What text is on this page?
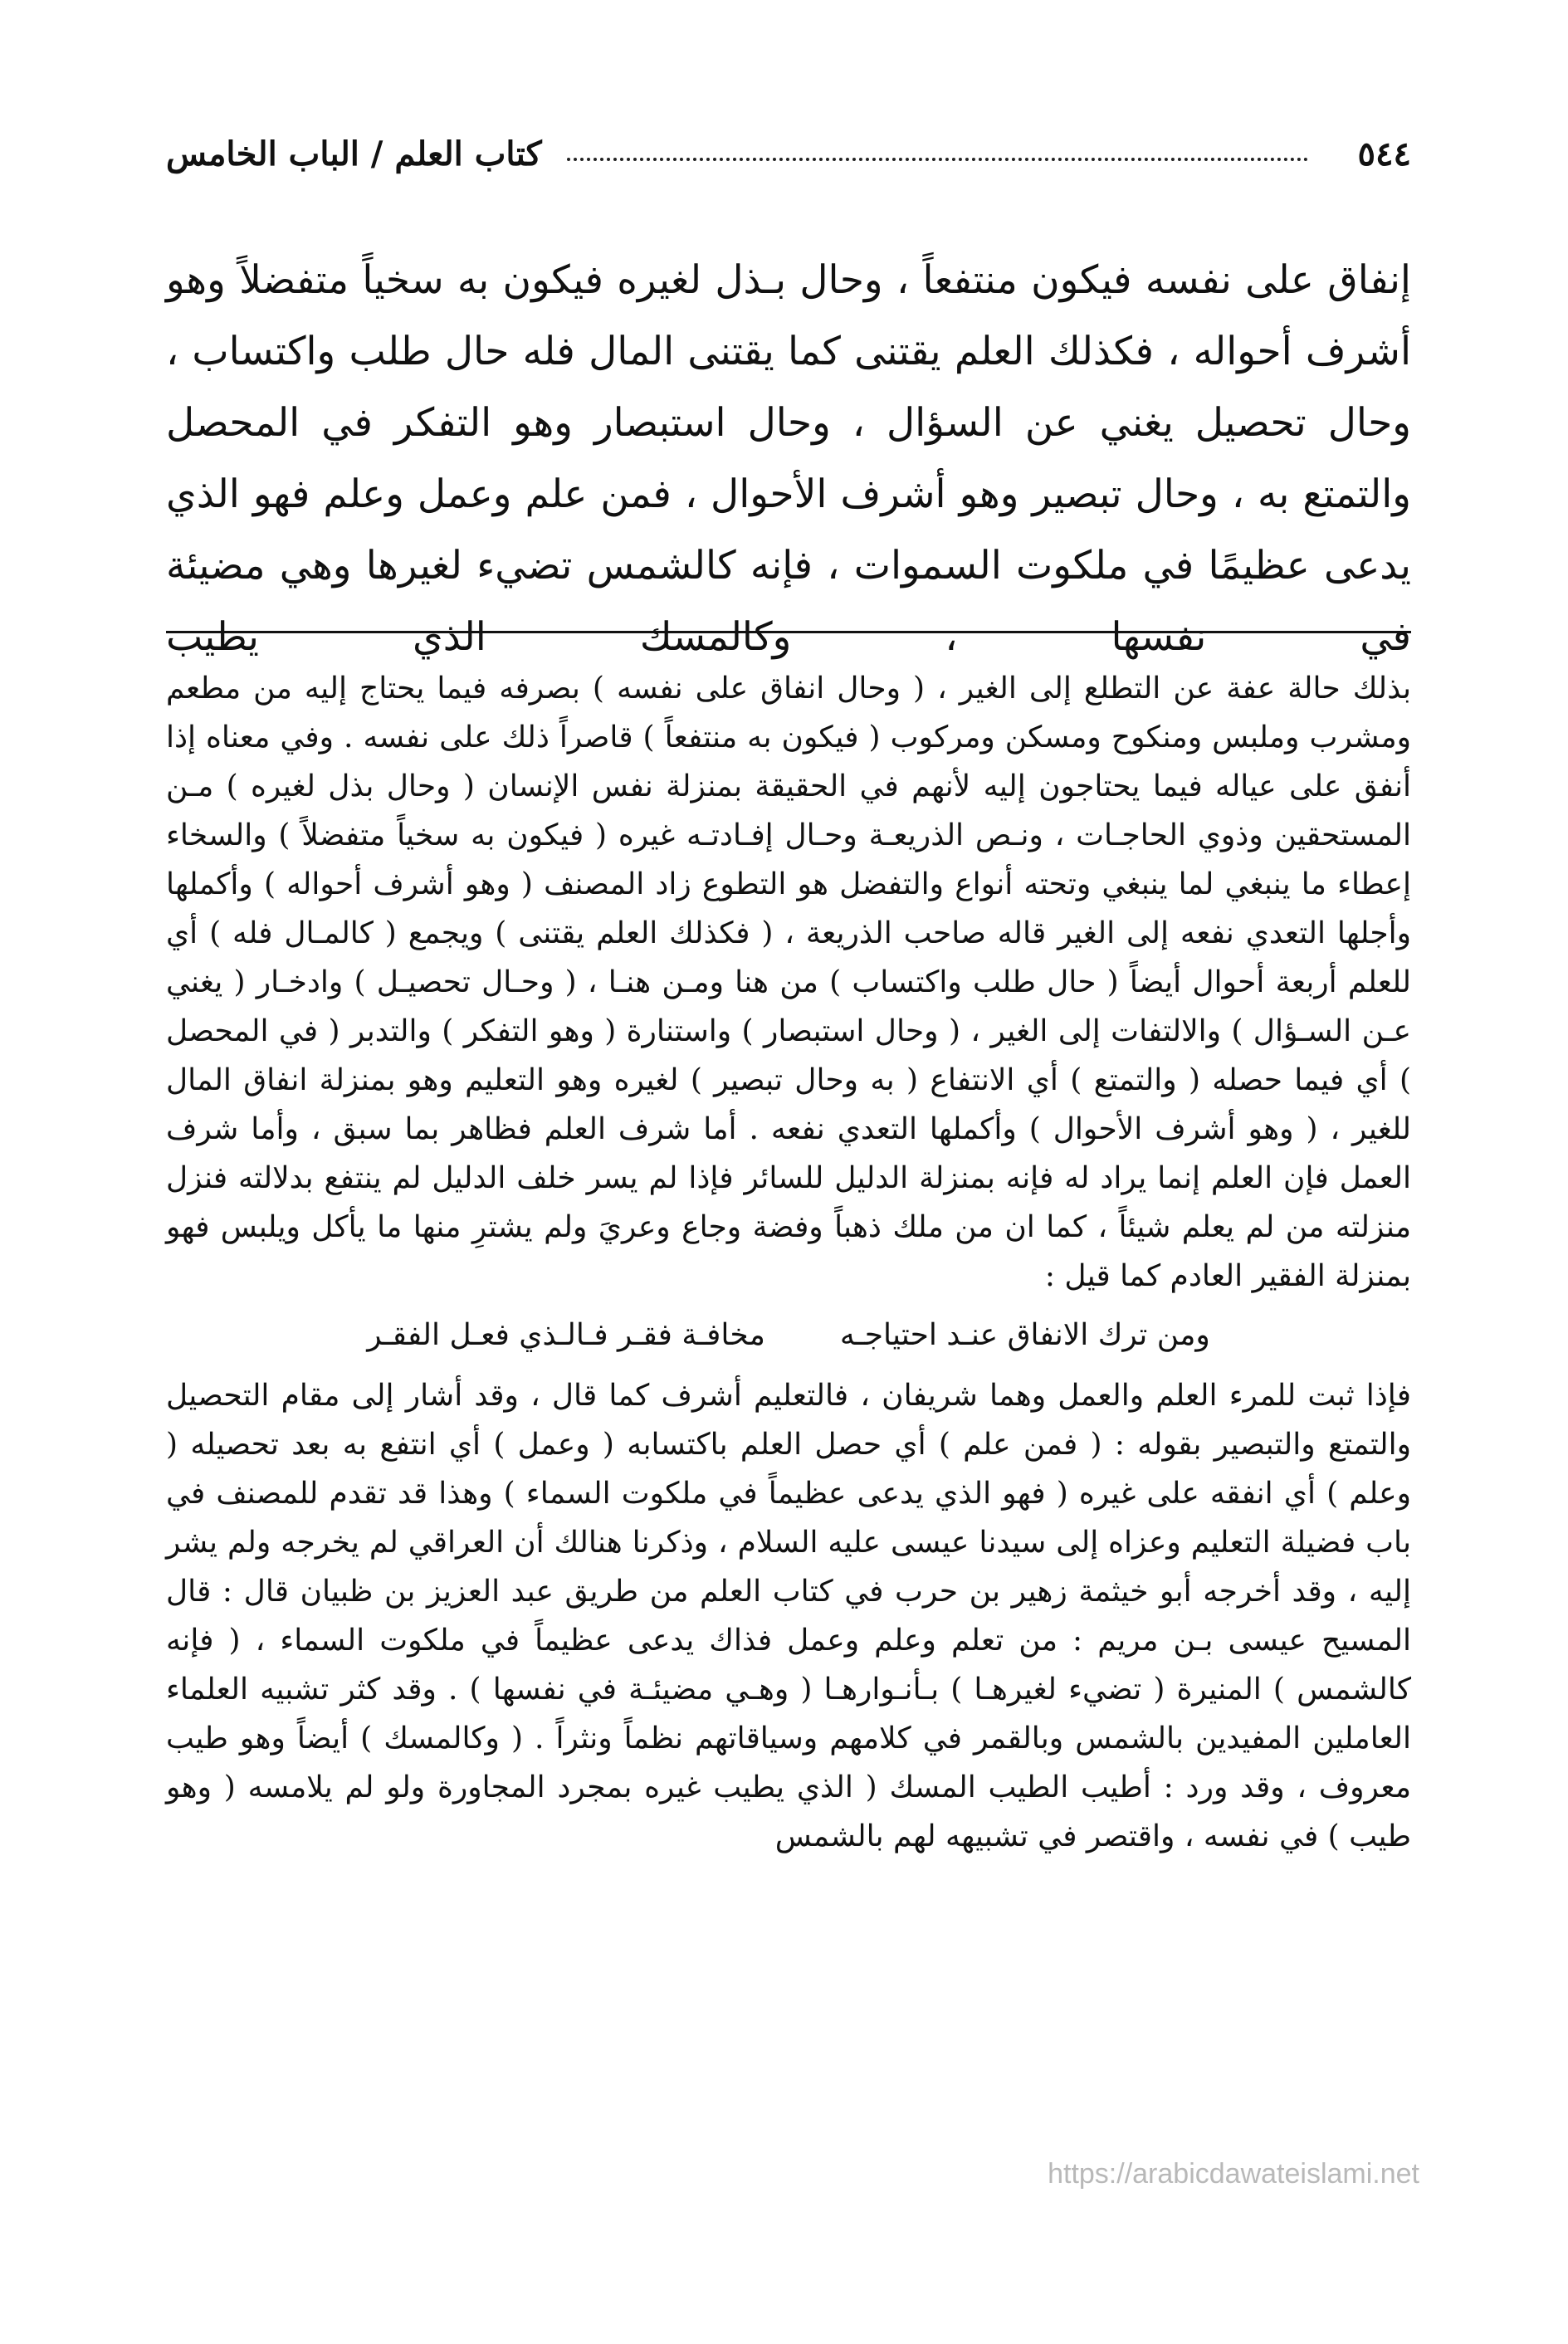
٥٤٤
كتاب العلم / الباب الخامس

إنفاق على نفسه فيكون منتفعاً ، وحال بـذل لغيره فيكون به سخياً متفضلاً وهو أشرف أحواله ، فكذلك العلم يقتنى كما يقتنى المال فله حال طلب واكتساب ، وحال تحصيل يغني عن السؤال ، وحال استبصار وهو التفكر في المحصل والتمتع به ، وحال تبصير وهو أشرف الأحوال ، فمن علم وعمل وعلم فهو الذي يدعى عظيمًا في ملكوت السموات ، فإنه كالشمس تضيء لغيرها وهي مضيئة في نفسها ، وكالمسك الذي يطيب

بذلك حالة عفة عن التطلع إلى الغير ، ( وحال انفاق على نفسه ) بصرفه فيما يحتاج إليه من مطعم ومشرب وملبس ومنكوح ومسكن ومركوب ( فيكون به منتفعاً ) قاصراً ذلك على نفسه . وفي معناه إذا أنفق على عياله فيما يحتاجون إليه لأنهم في الحقيقة بمنزلة نفس الإنسان ( وحال بذل لغيره ) مـن المستحقين وذوي الحاجـات ، ونـص الذريعـة وحـال إفـادتـه غيره ( فيكون به سخياً متفضلاً ) والسخاء إعطاء ما ينبغي لما ينبغي وتحته أنواع والتفضل هو التطوع زاد المصنف ( وهو أشرف أحواله ) وأكملها وأجلها التعدي نفعه إلى الغير قاله صاحب الذريعة ، ( فكذلك العلم يقتنى ) ويجمع ( كالمـال فله ) أي للعلم أربعة أحوال أيضاً ( حال طلب واكتساب ) من هنا ومـن هنـا ، ( وحـال تحصيـل ) وادخـار ( يغني عـن السـؤال ) والالتفات إلى الغير ، ( وحال استبصار ) واستنارة ( وهو التفكر ) والتدبر ( في المحصل ) أي فيما حصله ( والتمتع ) أي الانتفاع ( به وحال تبصير ) لغيره وهو التعليم وهو بمنزلة انفاق المال للغير ، ( وهو أشرف الأحوال ) وأكملها التعدي نفعه . أما شرف العلم فظاهر بما سبق ، وأما شرف العمل فإن العلم إنما يراد له فإنه بمنزلة الدليل للسائر فإذا لم يسر خلف الدليل لم ينتفع بدلالته فنزل منزلته من لم يعلم شيئاً ، كما ان من ملك ذهباً وفضة وجاع وعريَ ولم يشترِ منها ما يأكل ويلبس فهو بمنزلة الفقير العادم كما قيل :

ومن ترك الانفاق عنـد احتياجـه
مخافـة فقـر فـالـذي فعـل الفقـر

فإذا ثبت للمرء العلم والعمل وهما شريفان ، فالتعليم أشرف كما قال ، وقد أشار إلى مقام التحصيل والتمتع والتبصير بقوله : ( فمن علم ) أي حصل العلم باكتسابه ( وعمل ) أي انتفع به بعد تحصيله ( وعلم ) أي انفقه على غيره ( فهو الذي يدعى عظيماً في ملكوت السماء ) وهذا قد تقدم للمصنف في باب فضيلة التعليم وعزاه إلى سيدنا عيسى عليه السلام ، وذكرنا هنالك أن العراقي لم يخرجه ولم يشر إليه ، وقد أخرجه أبو خيثمة زهير بن حرب في كتاب العلم من طريق عبد العزيز بن ظبيان قال : قال المسيح عيسى بـن مريم : من تعلم وعلم وعمل فذاك يدعى عظيماً في ملكوت السماء ، ( فإنه كالشمس ) المنيرة ( تضيء لغيرهـا ) بـأنـوارهـا ( وهـي مضيئـة في نفسها ) . وقد كثر تشبيه العلماء العاملين المفيدين بالشمس وبالقمر في كلامهم وسياقاتهم نظماً ونثراً . ( وكالمسك ) أيضاً وهو طيب معروف ، وقد ورد : أطيب الطيب المسك ( الذي يطيب غيره بمجرد المجاورة ولو لم يلامسه ( وهو طيب ) في نفسه ، واقتصر في تشبيهه لهم بالشمس

https://arabicdawateislami.net
